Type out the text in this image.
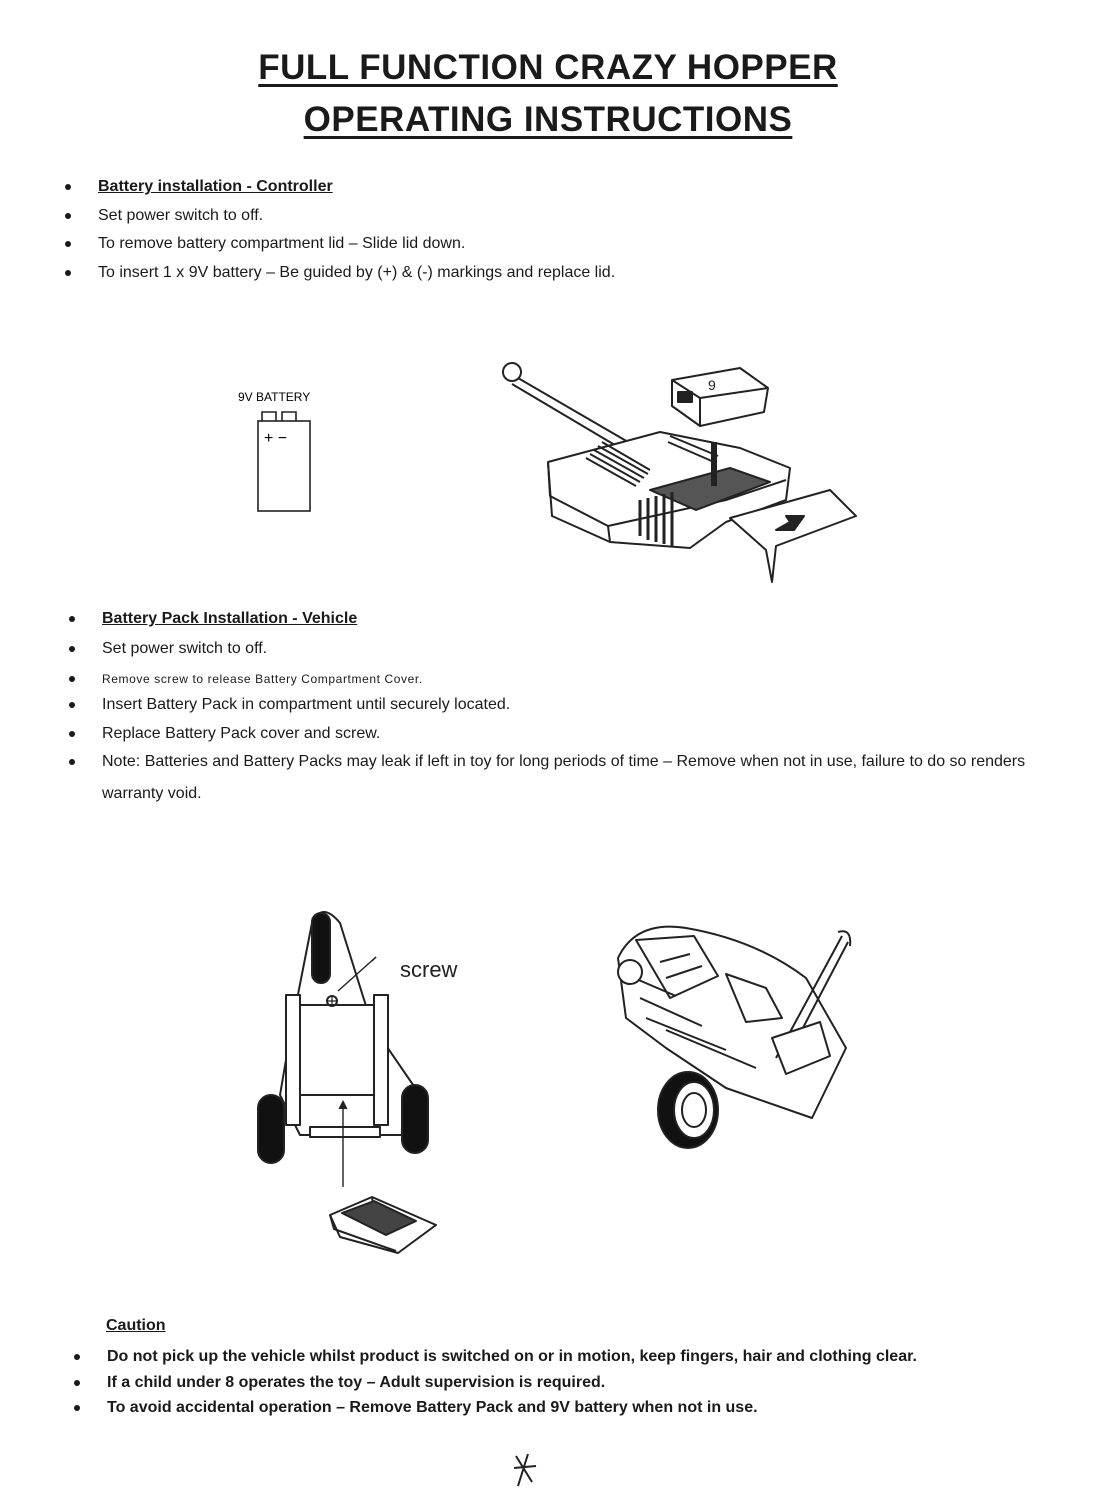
FULL FUNCTION CRAZY HOPPER
OPERATING INSTRUCTIONS
Battery installation - Controller
Set power switch to off.
To remove battery compartment lid – Slide lid down.
To insert 1 x 9V battery – Be guided by (+) & (-) markings and replace lid.
9V BATTERY
+ −
9
Battery Pack Installation - Vehicle
Set power switch to off.
Remove screw to release Battery Compartment Cover.
Insert Battery Pack in compartment until securely located.
Replace Battery Pack cover and screw.
Note: Batteries and Battery Packs may leak if left in toy for long periods of time – Remove when not in use, failure to do so renders warranty void.
screw
Caution
Do not pick up the vehicle whilst product is switched on or in motion, keep fingers, hair and clothing clear.
If a child under 8 operates the toy – Adult supervision is required.
To avoid accidental operation – Remove Battery Pack and 9V battery when not in use.
